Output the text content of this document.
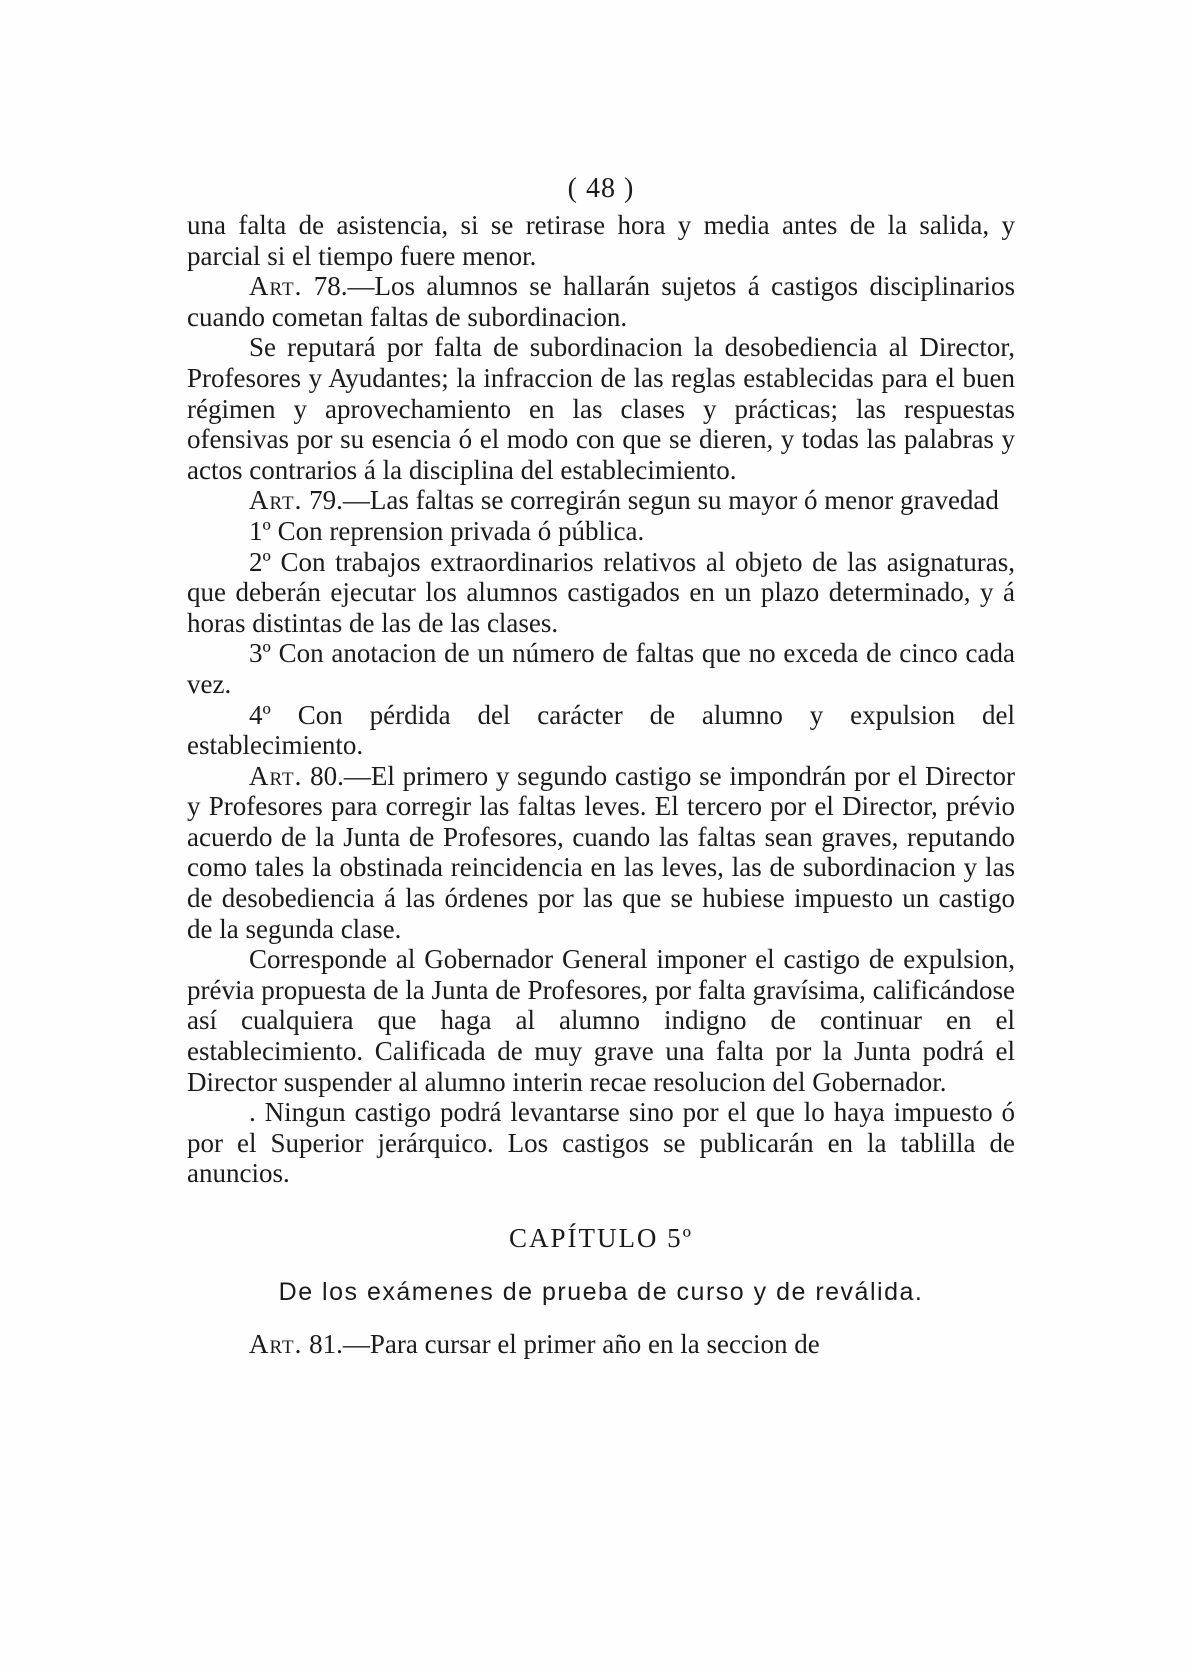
( 48 )

una falta de asistencia, si se retirase hora y media antes de la salida, y parcial si el tiempo fuere menor.

Art. 78.—Los alumnos se hallarán sujetos á castigos disciplinarios cuando cometan faltas de subordinacion.

Se reputará por falta de subordinacion la desobediencia al Director, Profesores y Ayudantes; la infraccion de las reglas establecidas para el buen régimen y aprovechamiento en las clases y prácticas; las respuestas ofensivas por su esencia ó el modo con que se dieren, y todas las palabras y actos contrarios á la disciplina del establecimiento.

Art. 79.—Las faltas se corregirán segun su mayor ó menor gravedad

1º Con reprension privada ó pública.

2º Con trabajos extraordinarios relativos al objeto de las asignaturas, que deberán ejecutar los alumnos castigados en un plazo determinado, y á horas distintas de las de las clases.

3º Con anotacion de un número de faltas que no exceda de cinco cada vez.

4º Con pérdida del carácter de alumno y expulsion del establecimiento.

Art. 80.—El primero y segundo castigo se impondrán por el Director y Profesores para corregir las faltas leves. El tercero por el Director, prévio acuerdo de la Junta de Profesores, cuando las faltas sean graves, reputando como tales la obstinada reincidencia en las leves, las de subordinacion y las de desobediencia á las órdenes por las que se hubiese impuesto un castigo de la segunda clase.

Corresponde al Gobernador General imponer el castigo de expulsion, prévia propuesta de la Junta de Profesores, por falta gravísima, calificándose así cualquiera que haga al alumno indigno de continuar en el establecimiento. Calificada de muy grave una falta por la Junta podrá el Director suspender al alumno interin recae resolucion del Gobernador.

. Ningun castigo podrá levantarse sino por el que lo haya impuesto ó por el Superior jerárquico. Los castigos se publicarán en la tablilla de anuncios.

CAPÍTULO 5º
De los exámenes de prueba de curso y de reválida.

Art. 81.—Para cursar el primer año en la seccion de
